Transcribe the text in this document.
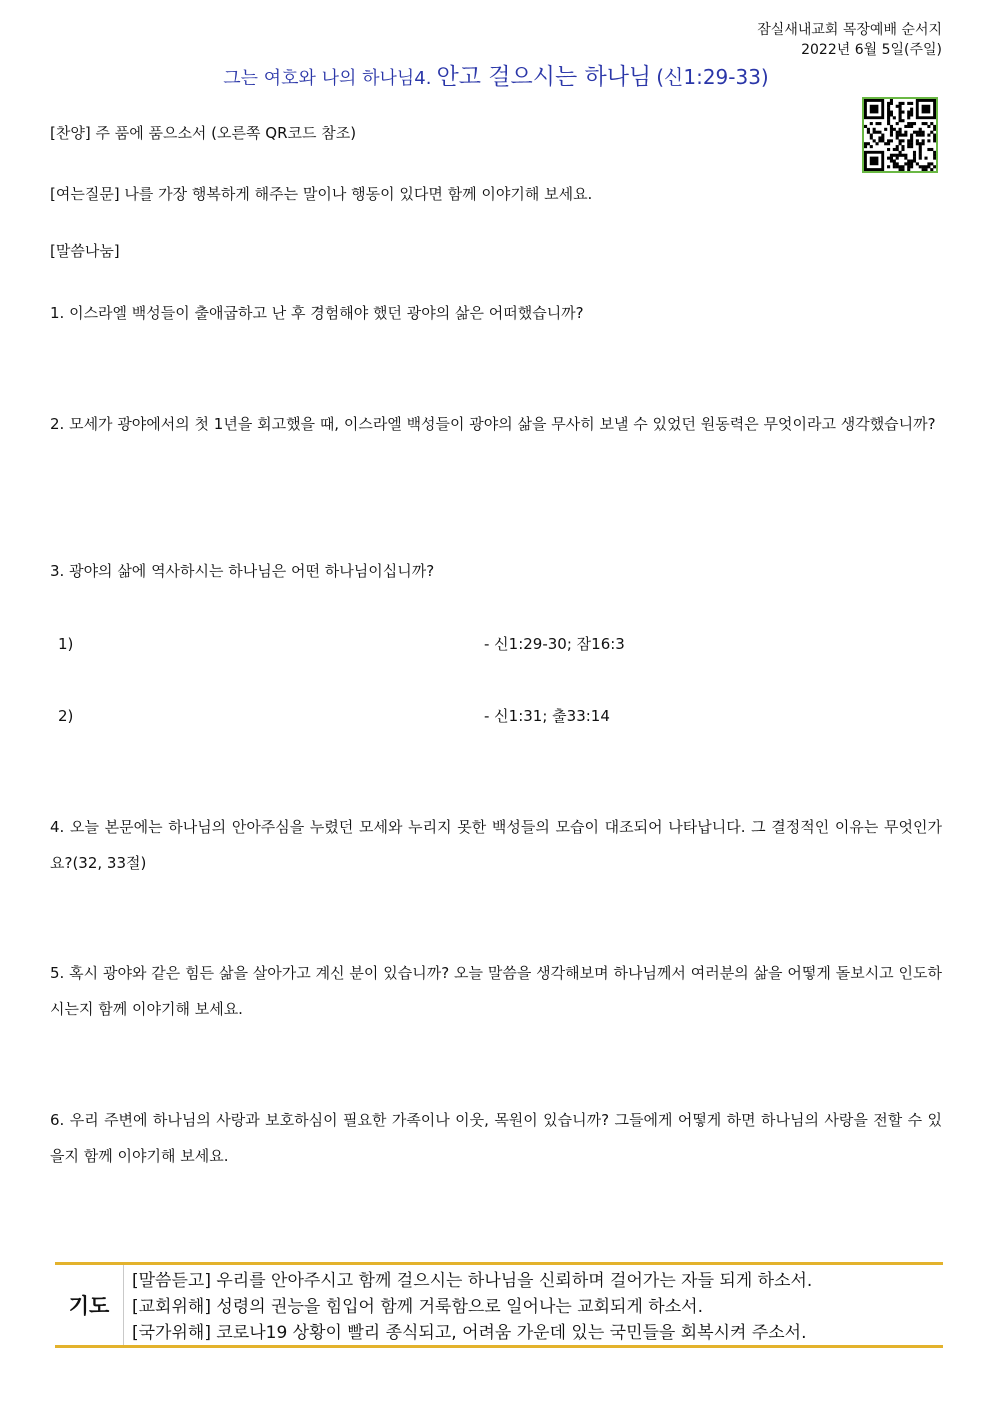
잠실새내교회 목장예배 순서지
2022년 6월 5일(주일)
그는 여호와 나의 하나님4. 안고 걸으시는 하나님 (신1:29-33)
[찬양] 주 품에 품으소서 (오른쪽 QR코드 참조)
[여는질문] 나를 가장 행복하게 해주는 말이나 행동이 있다면 함께 이야기해 보세요.
[말씀나눔]
1. 이스라엘 백성들이 출애굽하고 난 후 경험해야 했던 광야의 삶은 어떠했습니까?
2. 모세가 광야에서의 첫 1년을 회고했을 때, 이스라엘 백성들이 광야의 삶을 무사히 보낼 수 있었던 원동력은 무엇이라고 생각했습니까?
3. 광야의 삶에 역사하시는 하나님은 어떤 하나님이십니까?
1)	- 신1:29-30; 잠16:3
2)	- 신1:31; 출33:14
4. 오늘 본문에는 하나님의 안아주심을 누렸던 모세와 누리지 못한 백성들의 모습이 대조되어 나타납니다. 그 결정적인 이유는 무엇인가요?(32, 33절)
5. 혹시 광야와 같은 힘든 삶을 살아가고 계신 분이 있습니까? 오늘 말씀을 생각해보며 하나님께서 여러분의 삶을 어떻게 돌보시고 인도하시는지 함께 이야기해 보세요.
6. 우리 주변에 하나님의 사랑과 보호하심이 필요한 가족이나 이웃, 목원이 있습니까? 그들에게 어떻게 하면 하나님의 사랑을 전할 수 있을지 함께 이야기해 보세요.
기도
[말씀듣고] 우리를 안아주시고 함께 걸으시는 하나님을 신뢰하며 걸어가는 자들 되게 하소서.
[교회위해] 성령의 권능을 힘입어 함께 거룩함으로 일어나는 교회되게 하소서.
[국가위해] 코로나19 상황이 빨리 종식되고, 어려움 가운데 있는 국민들을 회복시켜 주소서.
